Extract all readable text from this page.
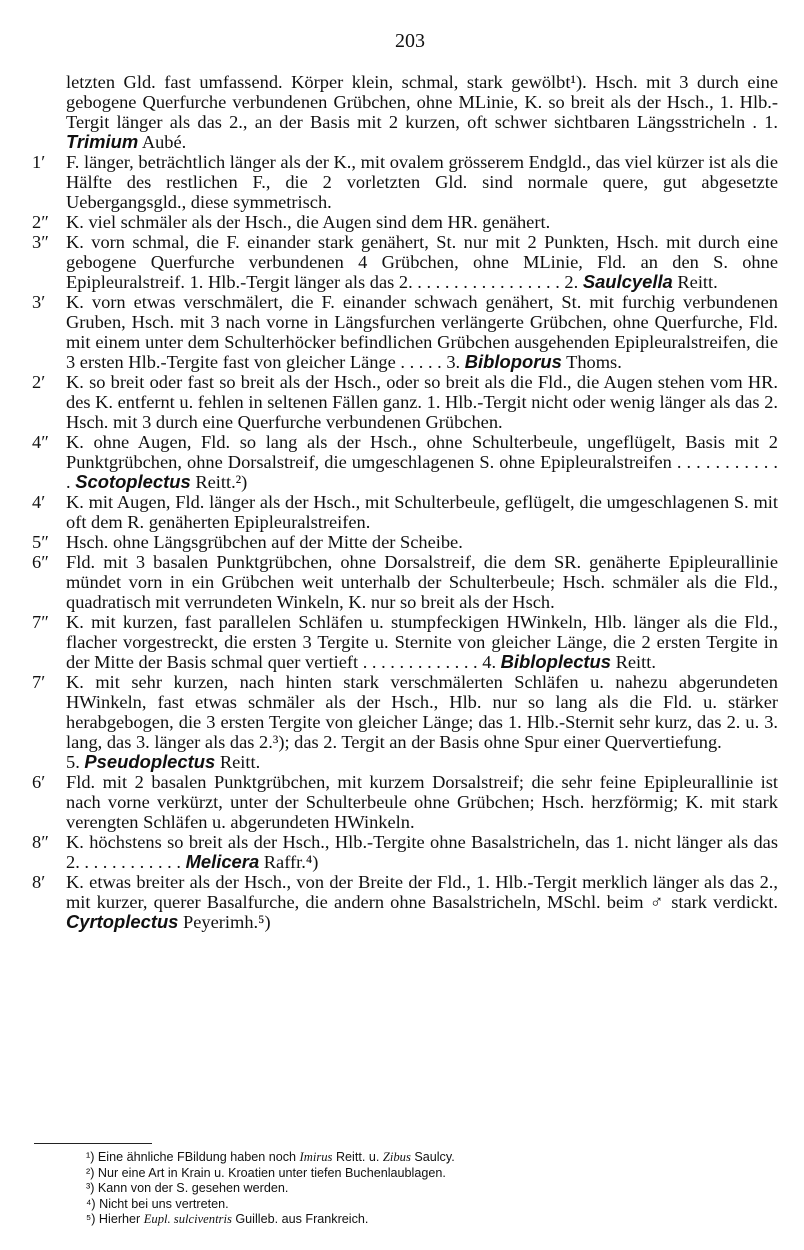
203
letzten Gld. fast umfassend. Körper klein, schmal, stark gewölbt¹). Hsch. mit 3 durch eine gebogene Querfurche verbundenen Grübchen, ohne MLinie, K. so breit als der Hsch., 1. Hlb.-Tergit länger als das 2., an der Basis mit 2 kurzen, oft schwer sichtbaren Längsstricheln . 1. Trimium Aubé.
1′	F. länger, beträchtlich länger als der K., mit ovalem grösserem Endgld., das viel kürzer ist als die Hälfte des restlichen F., die 2 vorletzten Gld. sind normale quere, gut abgesetzte Uebergangsgld., diese symmetrisch.
2″ K. viel schmäler als der Hsch., die Augen sind dem HR. genähert.
3″ K. vorn schmal, die F. einander stark genähert, St. nur mit 2 Punkten, Hsch. mit durch eine gebogene Querfurche verbundenen 4 Grübchen, ohne MLinie, Fld. an den S. ohne Epipleuralstreif. 1. Hlb.-Tergit länger als das 2. . . . . . . . . . . . . . . . . 2. Saulcyella Reitt.
3′	K. vorn etwas verschmälert, die F. einander schwach genähert, St. mit furchig verbundenen Gruben, Hsch. mit 3 nach vorne in Längsfurchen verlängerte Grübchen, ohne Querfurche, Fld. mit einem unter dem Schulterhöcker befindlichen Grübchen ausgehenden Epipleuralstreifen, die 3 ersten Hlb.-Tergite fast von gleicher Länge . . . . . 3. Bibloporus Thoms.
2′	K. so breit oder fast so breit als der Hsch., oder so breit als die Fld., die Augen stehen vom HR. des K. entfernt u. fehlen in seltenen Fällen ganz. 1. Hlb.-Tergit nicht oder wenig länger als das 2. Hsch. mit 3 durch eine Querfurche verbundenen Grübchen.
4″ K. ohne Augen, Fld. so lang als der Hsch., ohne Schulterbeule, ungeflügelt, Basis mit 2 Punktgrübchen, ohne Dorsalstreif, die umgeschlagenen S. ohne Epipleuralstreifen . . . . . . . . . . . . Scotoplectus Reitt.²)
4′	K. mit Augen, Fld. länger als der Hsch., mit Schulterbeule, geflügelt, die umgeschlagenen S. mit oft dem R. genäherten Epipleuralstreifen.
5″ Hsch. ohne Längsgrübchen auf der Mitte der Scheibe.
6″ Fld. mit 3 basalen Punktgrübchen, ohne Dorsalstreif, die dem SR. genäherte Epipleurallinie mündet vorn in ein Grübchen weit unterhalb der Schulterbeule; Hsch. schmäler als die Fld., quadratisch mit verrundeten Winkeln, K. nur so breit als der Hsch.
7″ K. mit kurzen, fast parallelen Schläfen u. stumpfeckigen HWinkeln, Hlb. länger als die Fld., flacher vorgestreckt, die ersten 3 Tergite u. Sternite von gleicher Länge, die 2 ersten Tergite in der Mitte der Basis schmal quer vertieft . . . . . . . . . . . . . 4. Bibloplectus Reitt.
7′	K. mit sehr kurzen, nach hinten stark verschmälerten Schläfen u. nahezu abgerundeten HWinkeln, fast etwas schmäler als der Hsch., Hlb. nur so lang als die Fld. u. stärker herabgebogen, die 3 ersten Tergite von gleicher Länge; das 1. Hlb.-Sternit sehr kurz, das 2. u. 3. lang, das 3. länger als das 2.³); das 2. Tergit an der Basis ohne Spur einer Quervertiefung.
5. Pseudoplectus Reitt.
6′	Fld. mit 2 basalen Punktgrübchen, mit kurzem Dorsalstreif; die sehr feine Epipleurallinie ist nach vorne verkürzt, unter der Schulterbeule ohne Grübchen; Hsch. herzförmig; K. mit stark verengten Schläfen u. abgerundeten HWinkeln.
8″ K. höchstens so breit als der Hsch., Hlb.-Tergite ohne Basalstricheln, das 1. nicht länger als das 2. . . . . . . . . . . . Melicera Raffr.⁴)
8′	K. etwas breiter als der Hsch., von der Breite der Fld., 1. Hlb.-Tergit merklich länger als das 2., mit kurzer, querer Basalfurche, die andern ohne Basalstricheln, MSchl. beim ♂ stark verdickt. Cyrtoplectus Peyerimh.⁵)
¹) Eine ähnliche FBildung haben noch Imirus Reitt. u. Zibus Saulcy.
²) Nur eine Art in Krain u. Kroatien unter tiefen Buchenlaublagen.
³) Kann von der S. gesehen werden.
⁴) Nicht bei uns vertreten.
⁵) Hierher Eupl. sulciventris Guilleb. aus Frankreich.
